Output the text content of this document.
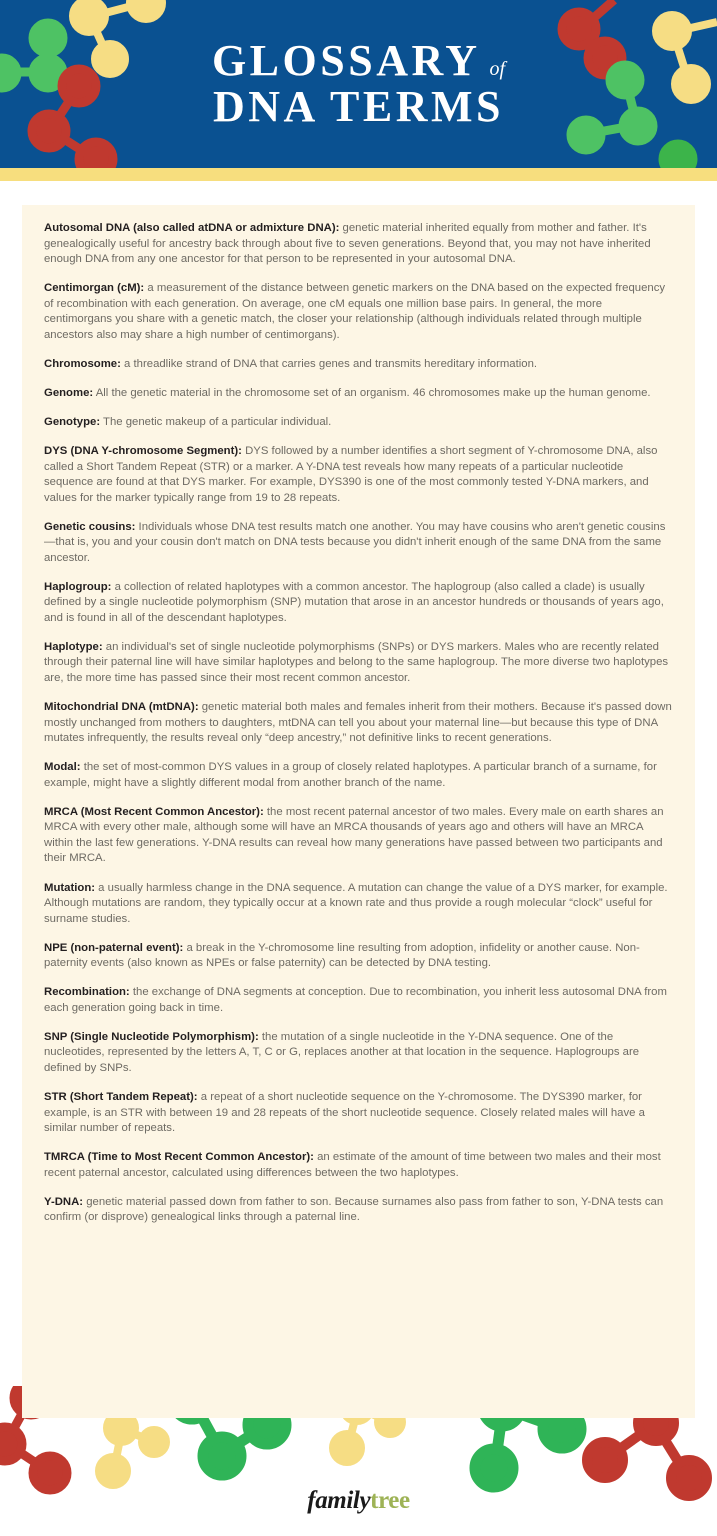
GLOSSARY of
DNA TERMS

Autosomal DNA (also called atDNA or admixture DNA): genetic material inherited equally from mother and father. It's genealogically useful for ancestry back through about five to seven generations. Beyond that, you may not have inherited enough DNA from any one ancestor for that person to be represented in your autosomal DNA.

Centimorgan (cM): a measurement of the distance between genetic markers on the DNA based on the expected frequency of recombination with each generation. On average, one cM equals one million base pairs. In general, the more centimorgans you share with a genetic match, the closer your relationship (although individuals related through multiple ancestors also may share a high number of centimorgans).

Chromosome: a threadlike strand of DNA that carries genes and transmits hereditary information.

Genome: All the genetic material in the chromosome set of an organism. 46 chromosomes make up the human genome.

Genotype: The genetic makeup of a particular individual.

DYS (DNA Y-chromosome Segment): DYS followed by a number identifies a short segment of Y-chromosome DNA, also called a Short Tandem Repeat (STR) or a marker. A Y-DNA test reveals how many repeats of a particular nucleotide sequence are found at that DYS marker. For example, DYS390 is one of the most commonly tested Y-DNA markers, and values for the marker typically range from 19 to 28 repeats.

Genetic cousins: Individuals whose DNA test results match one another. You may have cousins who aren't genetic cousins—that is, you and your cousin don't match on DNA tests because you didn't inherit enough of the same DNA from the same ancestor.

Haplogroup: a collection of related haplotypes with a common ancestor. The haplogroup (also called a clade) is usually defined by a single nucleotide polymorphism (SNP) mutation that arose in an ancestor hundreds or thousands of years ago, and is found in all of the descendant haplotypes.

Haplotype: an individual's set of single nucleotide polymorphisms (SNPs) or DYS markers. Males who are recently related through their paternal line will have similar haplotypes and belong to the same haplogroup. The more diverse two haplotypes are, the more time has passed since their most recent common ancestor.

Mitochondrial DNA (mtDNA): genetic material both males and females inherit from their mothers. Because it's passed down mostly unchanged from mothers to daughters, mtDNA can tell you about your maternal line—but because this type of DNA mutates infrequently, the results reveal only “deep ancestry,” not definitive links to recent generations.

Modal: the set of most-common DYS values in a group of closely related haplotypes. A particular branch of a surname, for example, might have a slightly different modal from another branch of the name.

MRCA (Most Recent Common Ancestor): the most recent paternal ancestor of two males. Every male on earth shares an MRCA with every other male, although some will have an MRCA thousands of years ago and others will have an MRCA within the last few generations. Y-DNA results can reveal how many generations have passed between two participants and their MRCA.

Mutation: a usually harmless change in the DNA sequence. A mutation can change the value of a DYS marker, for example. Although mutations are random, they typically occur at a known rate and thus provide a rough molecular “clock” useful for surname studies.

NPE (non-paternal event): a break in the Y-chromosome line resulting from adoption, infidelity or another cause. Non-paternity events (also known as NPEs or false paternity) can be detected by DNA testing.

Recombination: the exchange of DNA segments at conception. Due to recombination, you inherit less autosomal DNA from each generation going back in time.

SNP (Single Nucleotide Polymorphism): the mutation of a single nucleotide in the Y-DNA sequence. One of the nucleotides, represented by the letters A, T, C or G, replaces another at that location in the sequence. Haplogroups are defined by SNPs.

STR (Short Tandem Repeat): a repeat of a short nucleotide sequence on the Y-chromosome. The DYS390 marker, for example, is an STR with between 19 and 28 repeats of the short nucleotide sequence. Closely related males will have a similar number of repeats.

TMRCA (Time to Most Recent Common Ancestor): an estimate of the amount of time between two males and their most recent paternal ancestor, calculated using differences between the two haplotypes.

Y-DNA: genetic material passed down from father to son. Because surnames also pass from father to son, Y-DNA tests can confirm (or disprove) genealogical links through a paternal line.

familytree
